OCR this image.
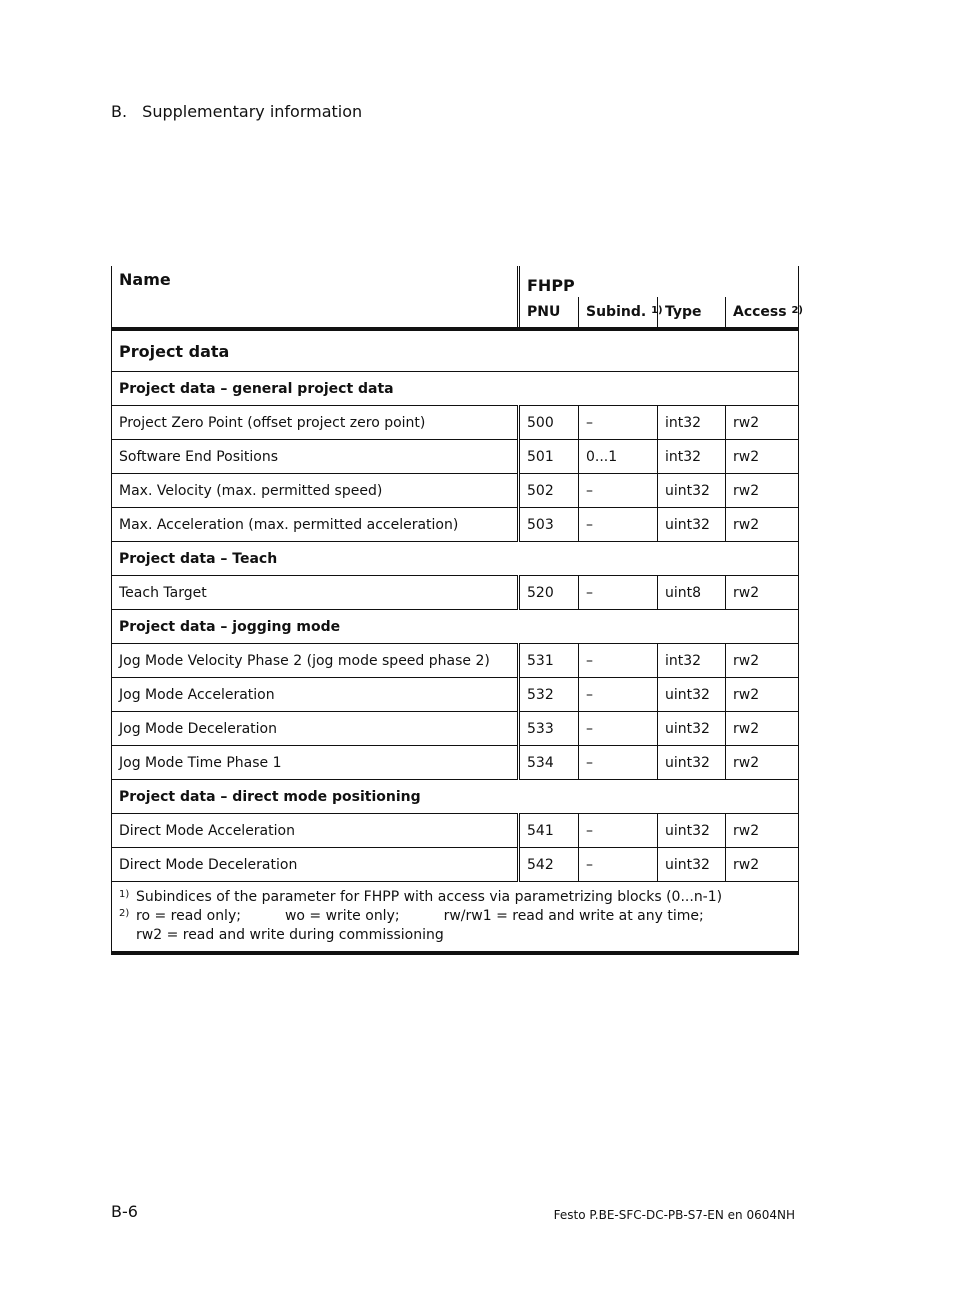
B. Supplementary information
Name	FHPP			
	PNU	Subind. $^{1)}$	Type	Access $^{2)}$

Project data				
Project data – general project data				
Project Zero Point (offset project zero point)	500	–	int32	rw2
Software End Positions	501	0...1	int32	rw2
Max. Velocity (max. permitted speed)	502	–	uint32	rw2
Max. Acceleration (max. permitted acceleration)	503	–	uint32	rw2
Project data – Teach				
Teach Target	520	–	uint8	rw2
Project data – jogging mode				
Jog Mode Velocity Phase 2 (jog mode speed phase 2)	531	–	int32	rw2
Jog Mode Acceleration	532	–	uint32	rw2
Jog Mode Deceleration	533	–	uint32	rw2
Jog Mode Time Phase 1	534	–	uint32	rw2
Project data – direct mode positioning				
Direct Mode Acceleration	541	–	uint32	rw2
Direct Mode Deceleration	542	–	uint32	rw2

1) Subindices of the parameter for FHPP with access via parametrizing blocks (0...n-1)
2) ro = read only; wo = write only; rw/rw1 = read and write at any time;
rw2 = read and write during commissioning				
B-6	Festo P.BE-SFC-DC-PB-S7-EN en 0604NH
